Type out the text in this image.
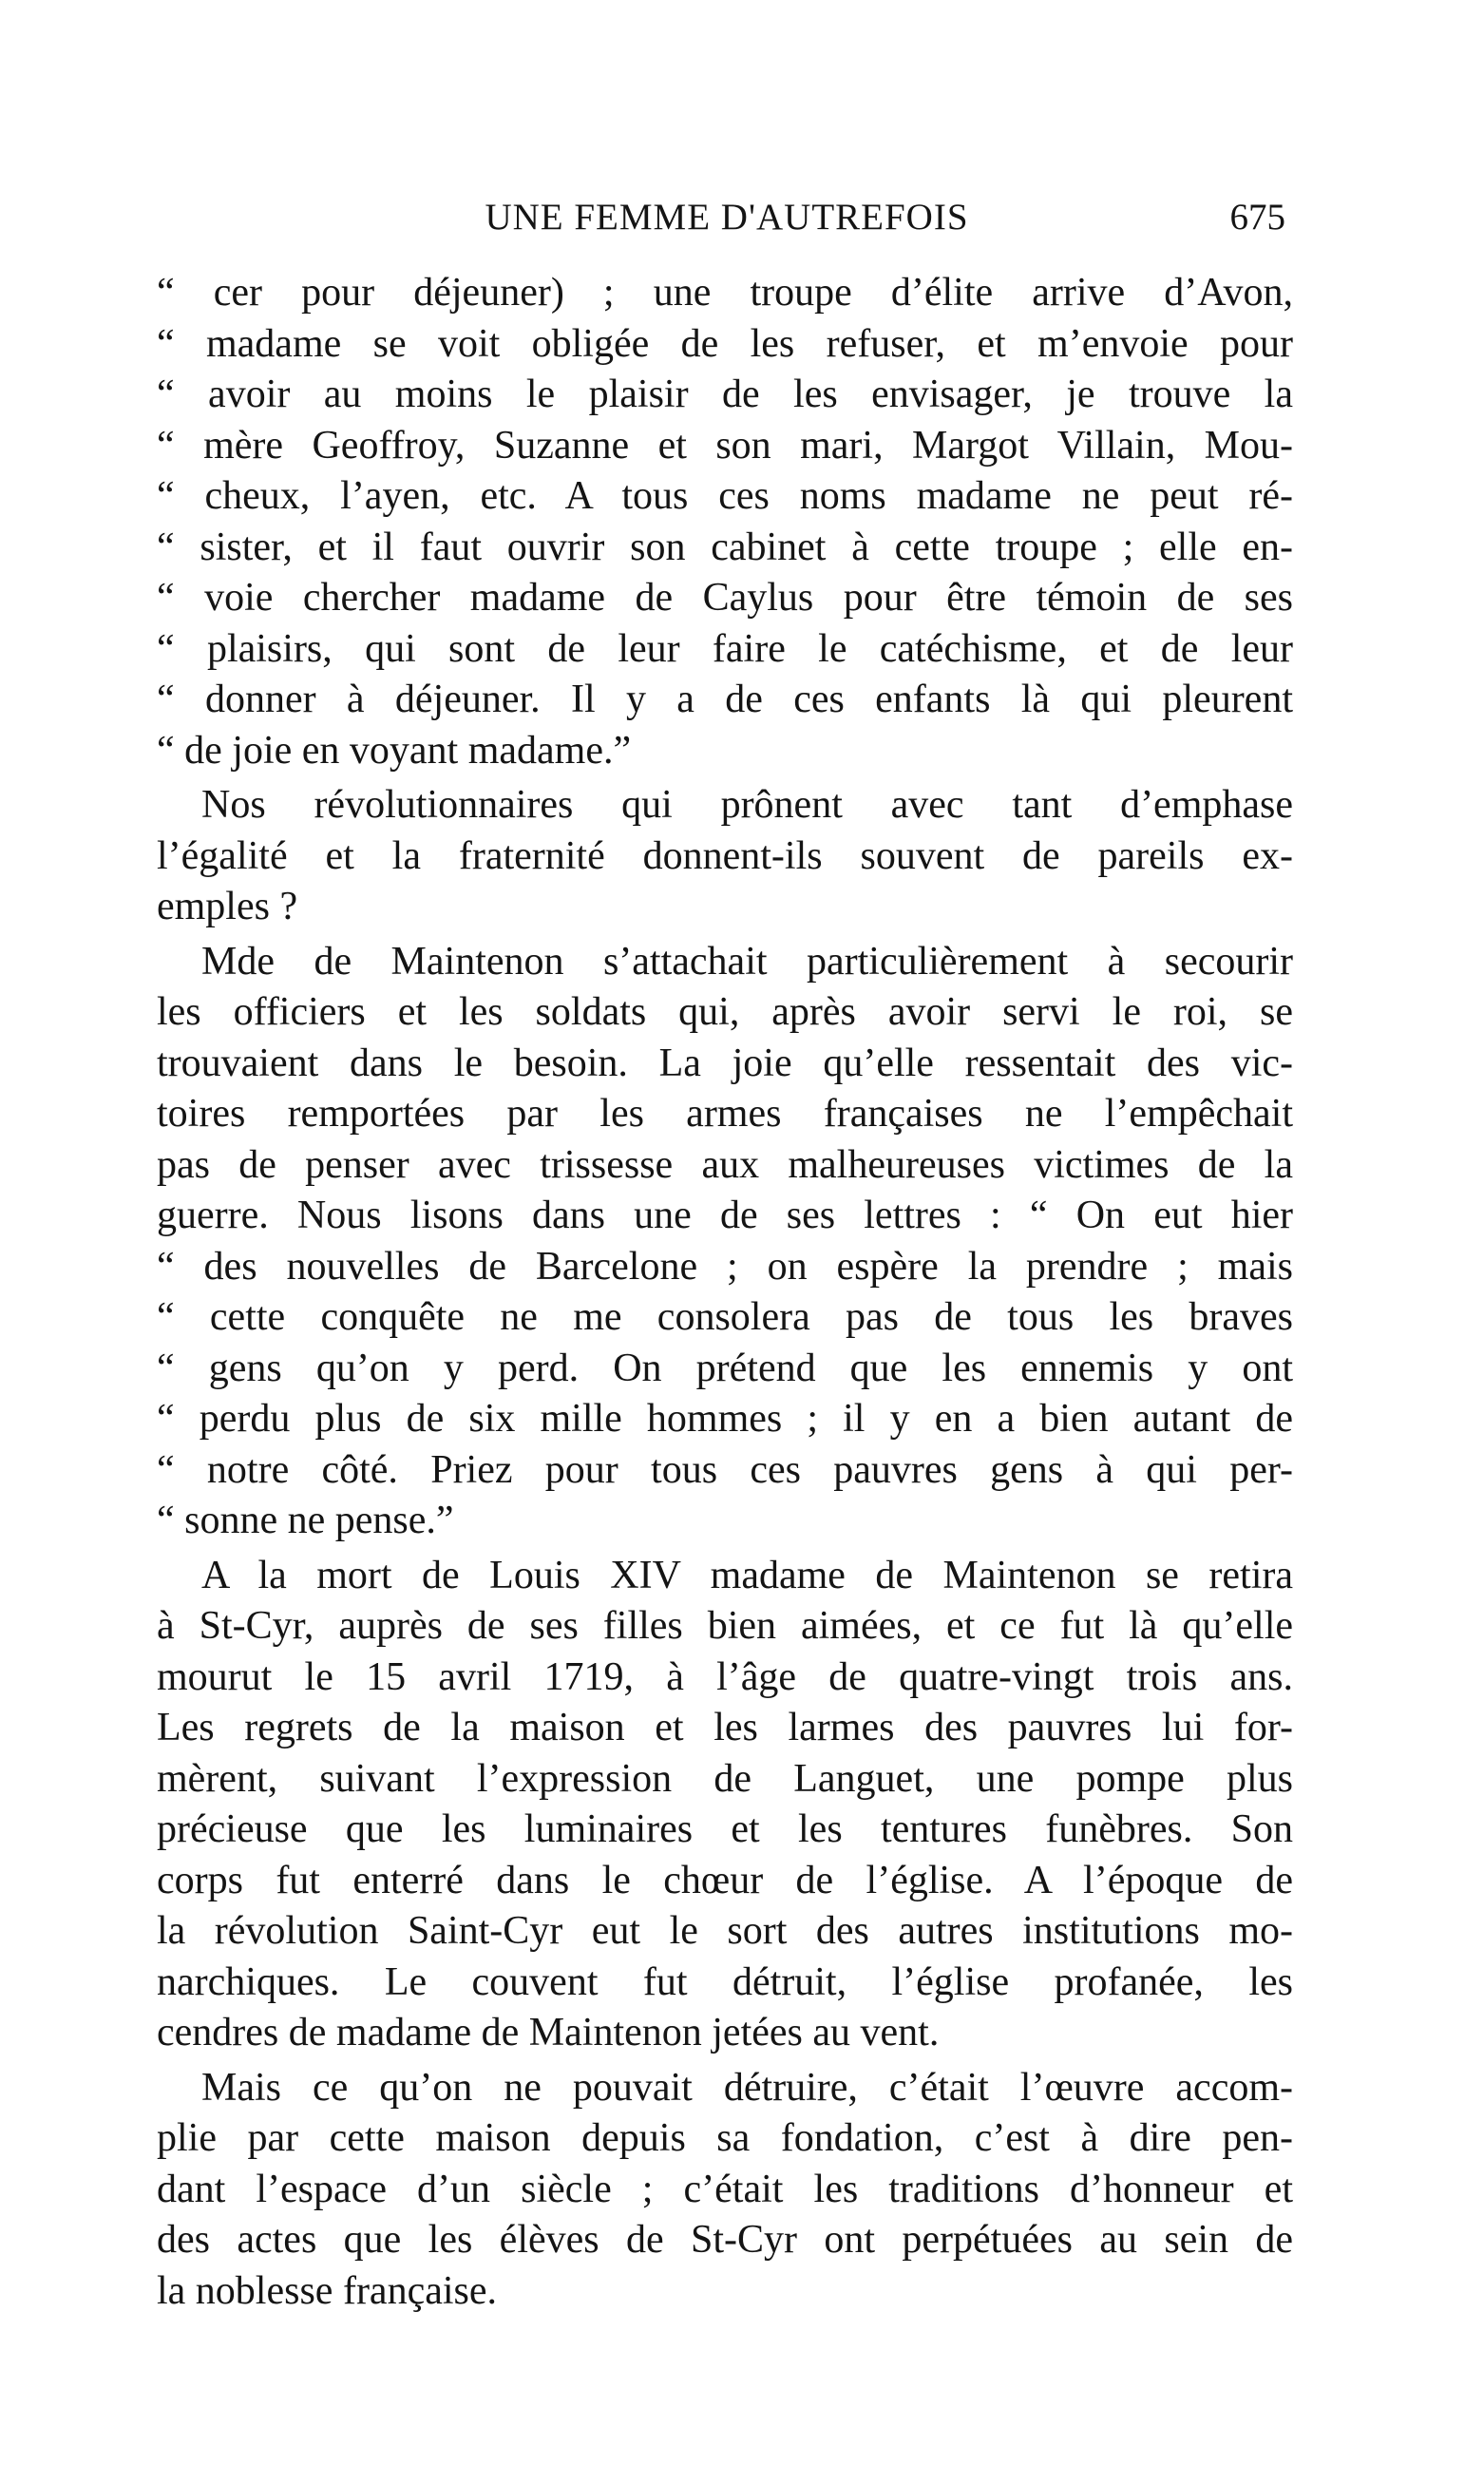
UNE FEMME D'AUTREFOIS	675
“ cer pour déjeuner) ; une troupe d’élite arrive d’Avon,
“ madame se voit obligée de les refuser, et m’envoie pour
“ avoir au moins le plaisir de les envisager, je trouve la
“ mère Geoffroy, Suzanne et son mari, Margot Villain, Mou-
“ cheux, l’ayen, etc. A tous ces noms madame ne peut ré-
“ sister, et il faut ouvrir son cabinet à cette troupe ; elle en-
“ voie chercher madame de Caylus pour être témoin de ses
“ plaisirs, qui sont de leur faire le catéchisme, et de leur
“ donner à déjeuner. Il y a de ces enfants là qui pleurent
“ de joie en voyant madame.”
Nos révolutionnaires qui prônent avec tant d’emphase
l’égalité et la fraternité donnent-ils souvent de pareils ex-
emples ?
Mde de Maintenon s’attachait particulièrement à secourir
les officiers et les soldats qui, après avoir servi le roi, se
trouvaient dans le besoin. La joie qu’elle ressentait des vic-
toires remportées par les armes françaises ne l’empêchait
pas de penser avec trissesse aux malheureuses victimes de la
guerre. Nous lisons dans une de ses lettres : “ On eut hier
“ des nouvelles de Barcelone ; on espère la prendre ; mais
“ cette conquête ne me consolera pas de tous les braves
“ gens qu’on y perd. On prétend que les ennemis y ont
“ perdu plus de six mille hommes ; il y en a bien autant de
“ notre côté. Priez pour tous ces pauvres gens à qui per-
“ sonne ne pense.”
A la mort de Louis XIV madame de Maintenon se retira
à St-Cyr, auprès de ses filles bien aimées, et ce fut là qu’elle
mourut le 15 avril 1719, à l’âge de quatre-vingt trois ans.
Les regrets de la maison et les larmes des pauvres lui for-
mèrent, suivant l’expression de Languet, une pompe plus
précieuse que les luminaires et les tentures funèbres. Son
corps fut enterré dans le chœur de l’église. A l’époque de
la révolution Saint-Cyr eut le sort des autres institutions mo-
narchiques. Le couvent fut détruit, l’église profanée, les
cendres de madame de Maintenon jetées au vent.
Mais ce qu’on ne pouvait détruire, c’était l’œuvre accom-
plie par cette maison depuis sa fondation, c’est à dire pen-
dant l’espace d’un siècle ; c’était les traditions d’honneur et
des actes que les élèves de St-Cyr ont perpétuées au sein de
la noblesse française.
